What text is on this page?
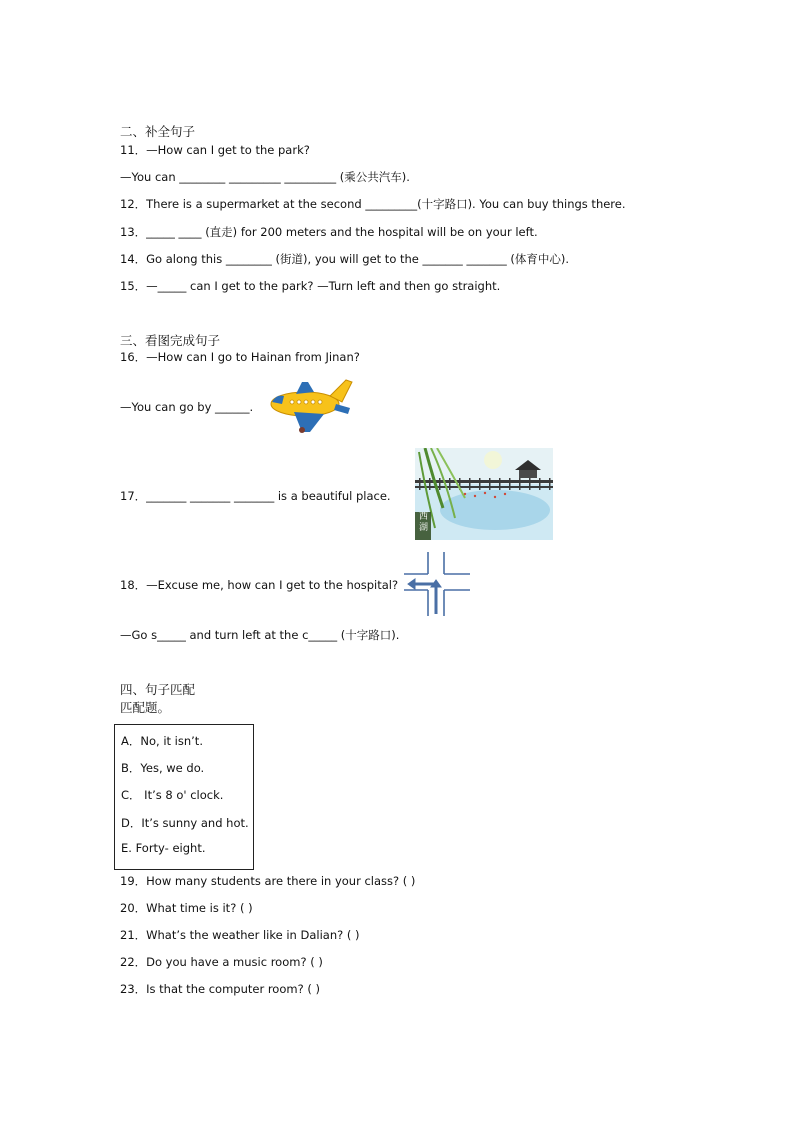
二、补全句子
11．—How can I get to the park?
—You can ________ _________ _________ (乘公共汽车).
12．There is a supermarket at the second _________(十字路口). You can buy things there.
13．_____ ____ (直走) for 200 meters and the hospital will be on your left.
14．Go along this ________ (街道), you will get to the _______ _______ (体育中心).
15．—_____ can I get to the park? —Turn left and then go straight.
三、看图完成句子
16．—How can I go to Hainan from Jinan?
—You can go by ______.
17．_______ _______ _______ is a beautiful place.
西湖
18．—Excuse me, how can I get to the hospital?
—Go s_____ and turn left at the c_____ (十字路口).
四、句子匹配
匹配题。
A．No, it isn’t.
B．Yes, we do.
C． It’s 8 o' clock.
D．It’s sunny and hot.
E. Forty- eight.
19．How many students are there in your class? ( )
20．What time is it? ( )
21．What’s the weather like in Dalian? ( )
22．Do you have a music room? ( )
23．Is that the computer room? ( )
